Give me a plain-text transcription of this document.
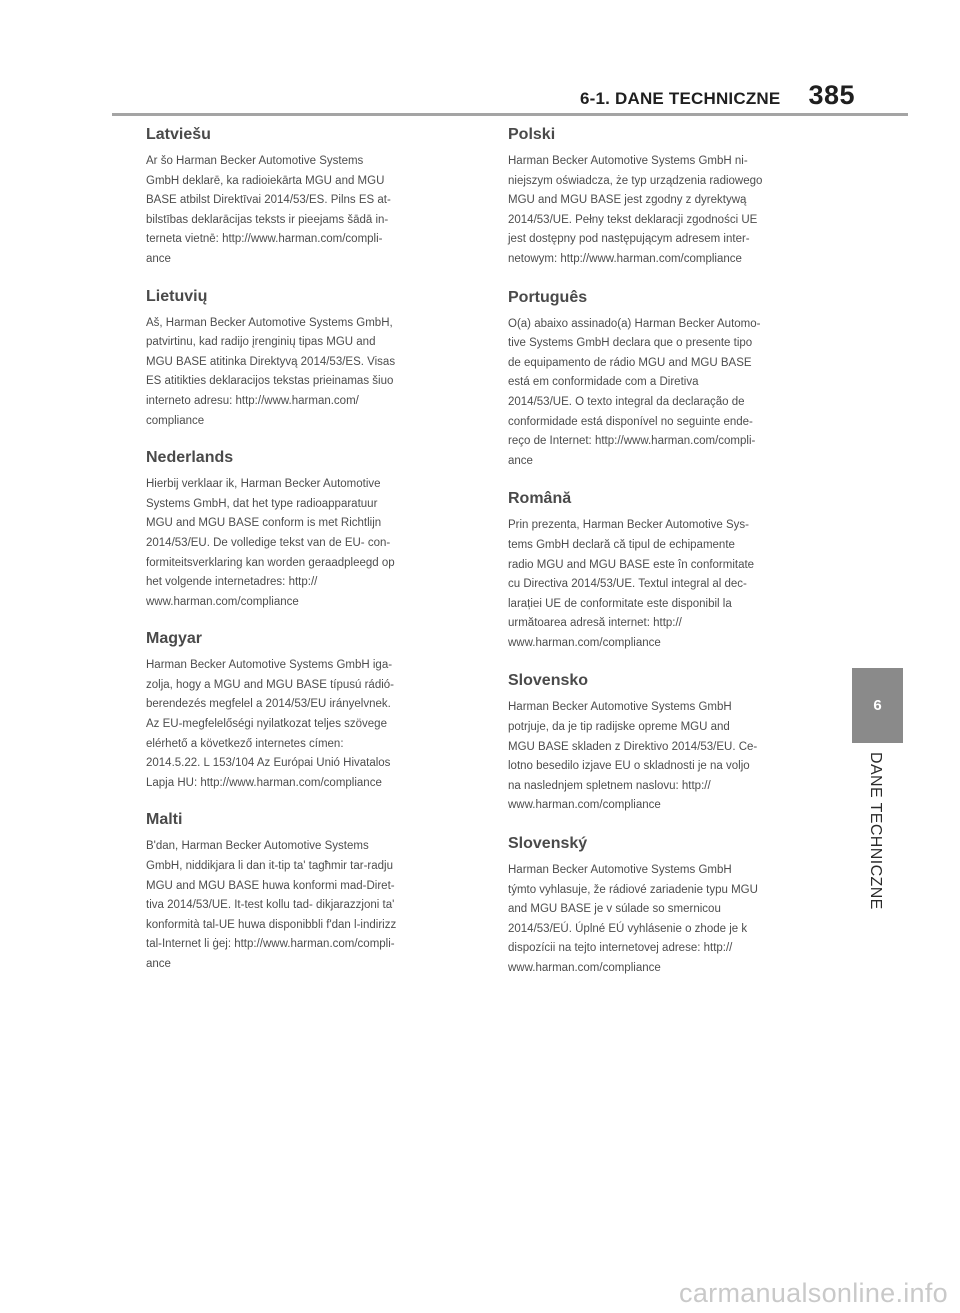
6-1. DANE TECHNICZNE 385
Latviešu

Ar šo Harman Becker Automotive Systems
GmbH deklarē, ka radioiekārta MGU and MGU
BASE atbilst Direktīvai 2014/53/ES. Pilns ES at-
bilstības deklarācijas teksts ir pieejams šādā in-
terneta vietnē: http://www.harman.com/compli-
ance

Lietuvių

Aš, Harman Becker Automotive Systems GmbH,
patvirtinu, kad radijo įrenginių tipas MGU and
MGU BASE atitinka Direktyvą 2014/53/ES. Visas
ES atitikties deklaracijos tekstas prieinamas šiuo
interneto adresu: http://www.harman.com/
compliance

Nederlands

Hierbij verklaar ik, Harman Becker Automotive
Systems GmbH, dat het type radioapparatuur
MGU and MGU BASE conform is met Richtlijn
2014/53/EU. De volledige tekst van de EU- con-
formiteitsverklaring kan worden geraadpleegd op
het volgende internetadres: http://
www.harman.com/compliance

Magyar

Harman Becker Automotive Systems GmbH iga-
zolja, hogy a MGU and MGU BASE típusú rádió-
berendezés megfelel a 2014/53/EU irányelvnek.
Az EU-megfelelőségi nyilatkozat teljes szövege
elérhető a következő internetes címen:
2014.5.22. L 153/104 Az Európai Unió Hivatalos
Lapja HU: http://www.harman.com/compliance

Malti

B'dan, Harman Becker Automotive Systems
GmbH, niddikjara li dan it-tip ta' tagħmir tar-radju
MGU and MGU BASE huwa konformi mad-Diret-
tiva 2014/53/UE. It-test kollu tad- dikjarazzjoni ta'
konformità tal-UE huwa disponibbli f'dan l-indirizz
tal-Internet li ġej: http://www.harman.com/compli-
ance

Polski

Harman Becker Automotive Systems GmbH ni-
niejszym oświadcza, że typ urządzenia radiowego
MGU and MGU BASE jest zgodny z dyrektywą
2014/53/UE. Pełny tekst deklaracji zgodności UE
jest dostępny pod następującym adresem inter-
netowym: http://www.harman.com/compliance

Português

O(a) abaixo assinado(a) Harman Becker Automo-
tive Systems GmbH declara que o presente tipo
de equipamento de rádio MGU and MGU BASE
está em conformidade com a Diretiva
2014/53/UE. O texto integral da declaração de
conformidade está disponível no seguinte ende-
reço de Internet: http://www.harman.com/compli-
ance

Română

Prin prezenta, Harman Becker Automotive Sys-
tems GmbH declară că tipul de echipamente
radio MGU and MGU BASE este în conformitate
cu Directiva 2014/53/UE. Textul integral al dec-
larației UE de conformitate este disponibil la
următoarea adresă internet: http://
www.harman.com/compliance

Slovensko

Harman Becker Automotive Systems GmbH
potrjuje, da je tip radijske opreme MGU and
MGU BASE skladen z Direktivo 2014/53/EU. Ce-
lotno besedilo izjave EU o skladnosti je na voljo
na naslednjem spletnem naslovu: http://
www.harman.com/compliance

Slovenský

Harman Becker Automotive Systems GmbH
týmto vyhlasuje, že rádiové zariadenie typu MGU
and MGU BASE je v súlade so smernicou
2014/53/EÚ. Úplné EÚ vyhlásenie o zhode je k
dispozícii na tejto internetovej adrese: http://
www.harman.com/compliance

6
DANE TECHNICZNE
carmanualsonline.info
